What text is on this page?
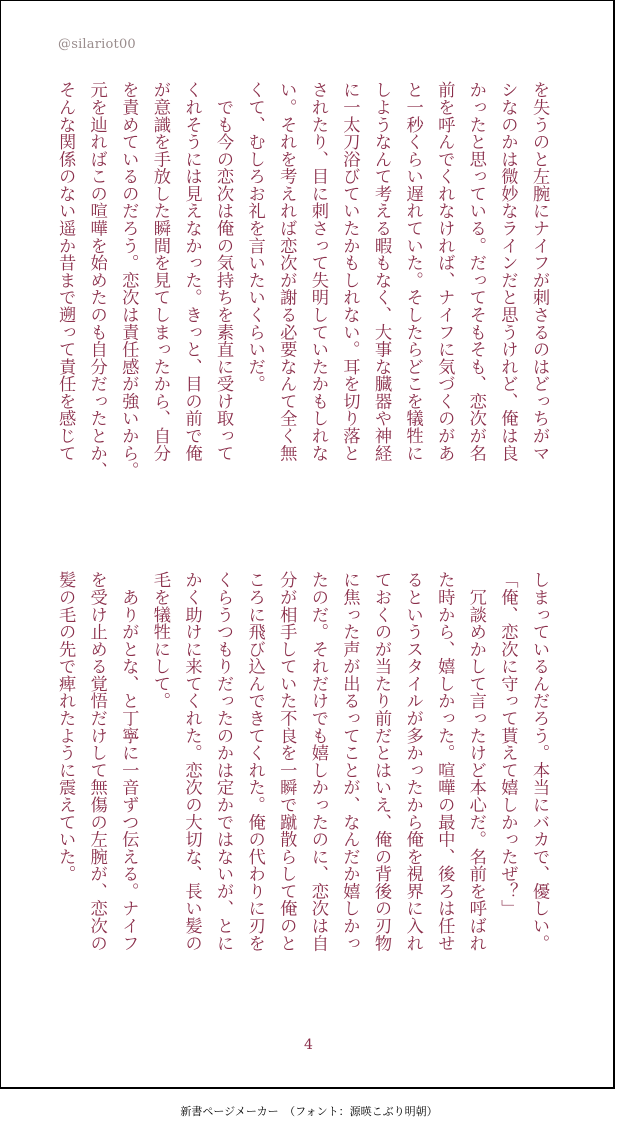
@silariot00

を失うのと左腕にナイフが刺さるのはどっちがマ

シなのかは微妙なラインだと思うけれど、俺は良

かったと思っている。だってそもそも、恋次が名

前を呼んでくれなければ、ナイフに気づくのがあ

と一秒くらい遅れていた。そしたらどこを犠牲に

しようなんて考える暇もなく、大事な臓器や神経

に一太刀浴びていたかもしれない。耳を切り落と

されたり、目に刺さって失明していたかもしれな

い。それを考えれば恋次が謝る必要なんて全く無

くて、むしろお礼を言いたいくらいだ。

　でも今の恋次は俺の気持ちを素直に受け取って

くれそうには見えなかった。きっと、目の前で俺

が意識を手放した瞬間を見てしまったから、自分

を責めているのだろう。恋次は責任感が強いから。

元を辿ればこの喧嘩を始めたのも自分だったとか、

そんな関係のない遥か昔まで遡って責任を感じて

しまっているんだろう。本当にバカで、優しい。

「俺、恋次に守って貰えて嬉しかったぜ？」

　冗談めかして言ったけど本心だ。名前を呼ばれ

た時から、嬉しかった。喧嘩の最中、後ろは任せ

るというスタイルが多かったから俺を視界に入れ

ておくのが当たり前だとはいえ、俺の背後の刃物

に焦った声が出るってことが、なんだか嬉しかっ

たのだ。それだけでも嬉しかったのに、恋次は自

分が相手していた不良を一瞬で蹴散らして俺のと

ころに飛び込んできてくれた。俺の代わりに刃を

くらうつもりだったのかは定かではないが、とに

かく助けに来てくれた。恋次の大切な、長い髪の

毛を犠牲にして。

　ありがとな、と丁寧に一音ずつ伝える。ナイフ

を受け止める覚悟だけして無傷の左腕が、恋次の

髪の毛の先で痺れたように震えていた。

4
新書ページメーカー　（フォント：源暎こぶり明朝）
